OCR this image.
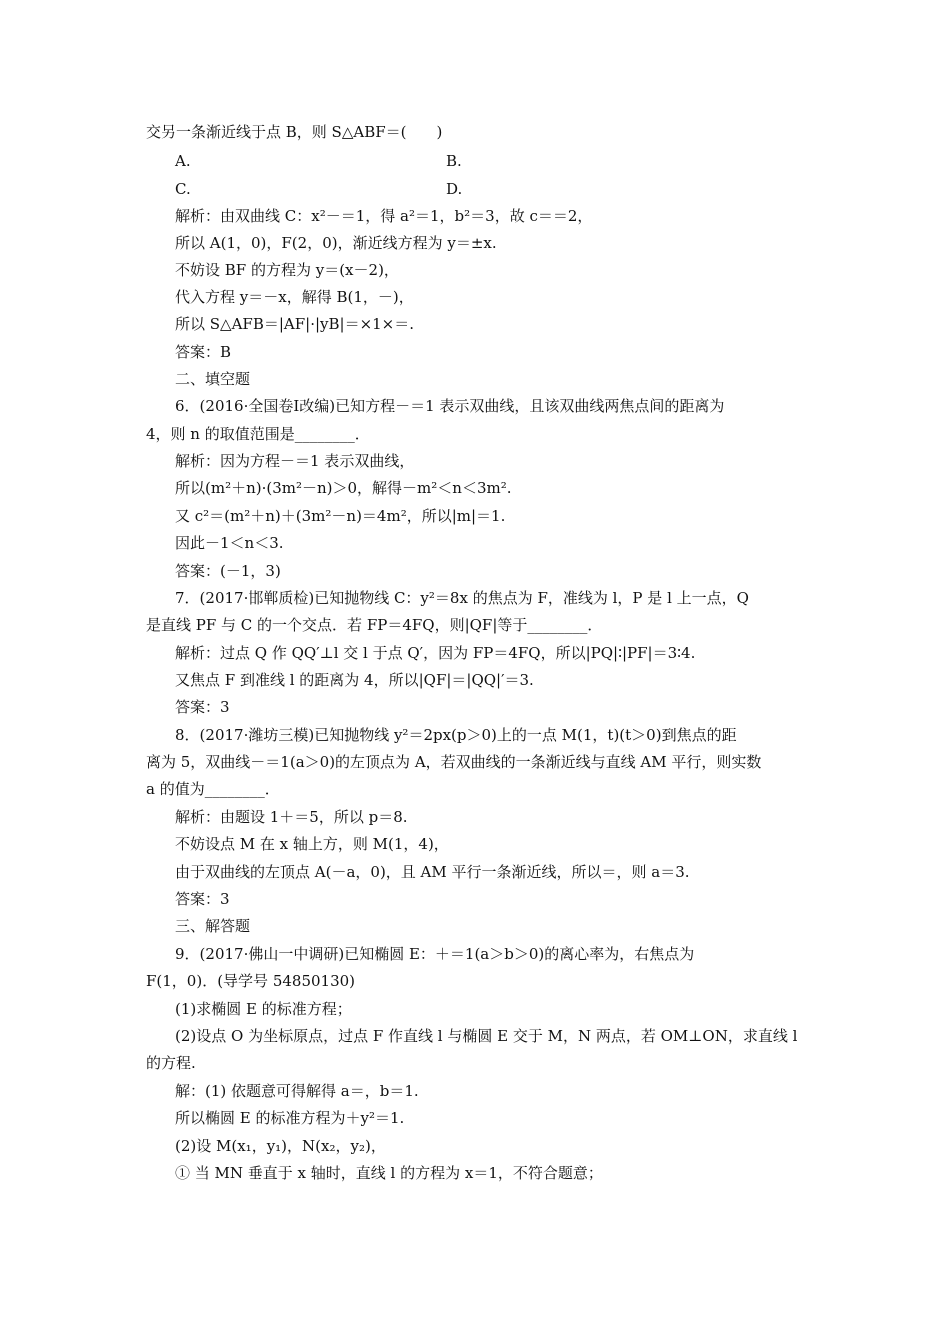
交另一条渐近线于点 B，则 S△ABF＝(　　)
A.	B.
C.	D.
解析：由双曲线 C：x²－＝1，得 a²＝1，b²＝3，故 c＝＝2，
所以 A(1，0)，F(2，0)，渐近线方程为 y＝±x.
不妨设 BF 的方程为 y＝(x－2)，
代入方程 y＝－x，解得 B(1，－)，
所以 S△AFB＝|AF|·|yB|＝×1×＝.
答案：B
二、填空题
6．(2016·全国卷Ⅰ改编)已知方程－＝1 表示双曲线，且该双曲线两焦点间的距离为
4，则 n 的取值范围是________．
解析：因为方程－＝1 表示双曲线，
所以(m²＋n)·(3m²－n)＞0，解得－m²＜n＜3m².
又 c²＝(m²＋n)＋(3m²－n)＝4m²，所以|m|＝1.
因此－1＜n＜3.
答案：(－1，3)
7．(2017·邯郸质检)已知抛物线 C：y²＝8x 的焦点为 F，准线为 l，P 是 l 上一点，Q
是直线 PF 与 C 的一个交点．若 FP＝4FQ，则|QF|等于________．
解析：过点 Q 作 QQ′⊥l 交 l 于点 Q′，因为 FP＝4FQ，所以|PQ|∶|PF|＝3∶4.
又焦点 F 到准线 l 的距离为 4，所以|QF|＝|QQ|′＝3.
答案：3
8．(2017·潍坊三模)已知抛物线 y²＝2px(p＞0)上的一点 M(1，t)(t＞0)到焦点的距
离为 5，双曲线－＝1(a＞0)的左顶点为 A，若双曲线的一条渐近线与直线 AM 平行，则实数
a 的值为________．
解析：由题设 1＋＝5，所以 p＝8.
不妨设点 M 在 x 轴上方，则 M(1，4)，
由于双曲线的左顶点 A(－a，0)，且 AM 平行一条渐近线，所以＝，则 a＝3.
答案：3
三、解答题
9．(2017·佛山一中调研)已知椭圆 E：＋＝1(a＞b＞0)的离心率为，右焦点为
F(1，0)．(导学号 54850130)
(1)求椭圆 E 的标准方程；
(2)设点 O 为坐标原点，过点 F 作直线 l 与椭圆 E 交于 M，N 两点，若 OM⊥ON，求直线 l
的方程.
解：(1) 依题意可得解得 a＝，b＝1.
所以椭圆 E 的标准方程为＋y²＝1.
(2)设 M(x₁，y₁)，N(x₂，y₂)，
① 当 MN 垂直于 x 轴时，直线 l 的方程为 x＝1，不符合题意；
